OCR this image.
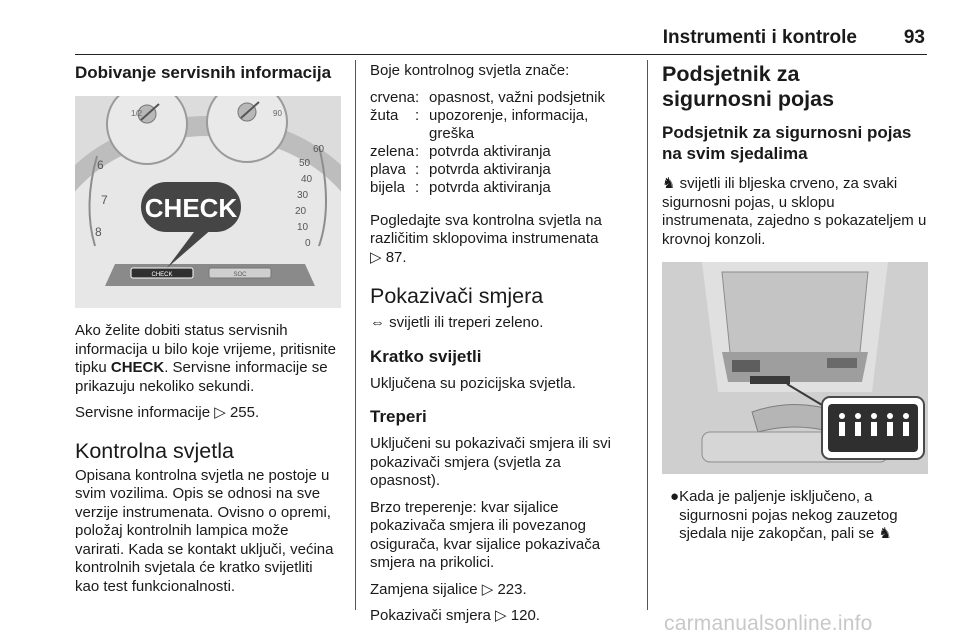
Instrumenti i kontrole 93
Dobivanje servisnih informacija
1/2	90
6
7
8
60
50
40
30
20
10
0
CHECK	SOC
CHECK

Ako želite dobiti status servisnih informacija u bilo koje vrijeme, pritisnite tipku CHECK. Servisne informacije se prikazuju nekoliko sekundi.

Servisne informacije ▷ 255.

Kontrolna svjetla

Opisana kontrolna svjetla ne postoje u svim vozilima. Opis se odnosi na sve verzije instrumenata. Ovisno o opremi, položaj kontrolnih lampica može varirati. Kada se kontakt uključi, većina kontrolnih svjetala će kratko svijetliti kao test funkcionalnosti.

Boje kontrolnog svjetla znače:

crvena	:	opasnost, važni podsjetnik
žuta	:	upozorenje, informacija, greška
zelena	:	potvrda aktiviranja
plava	:	potvrda aktiviranja
bijela	:	potvrda aktiviranja

Pogledajte sva kontrolna svjetla na različitim sklopovima instrumenata
▷ 87.

Pokazivači smjera

⇔ svijetli ili treperi zeleno.

Kratko svijetli

Uključena su pozicijska svjetla.

Treperi

Uključeni su pokazivači smjera ili svi pokazivači smjera (svjetla za opasnost).

Brzo treperenje: kvar sijalice pokazivača smjera ili povezanog osigurača, kvar sijalice pokazivača smjera na prikolici.

Zamjena sijalice ▷ 223.

Pokazivači smjera ▷ 120.

Podsjetnik za sigurnosni pojas
Podsjetnik za sigurnosni pojas na svim sjedalima

♞ svijetli ili bljeska crveno, za svaki sigurnosni pojas, u sklopu instrumenata, zajedno s pokazateljem u krovnoj konzoli.

● Kada je paljenje isključeno, a sigurnosni pojas nekog zauzetog sjedala nije zakopčan, pali se ♞
carmanualsonline.info
